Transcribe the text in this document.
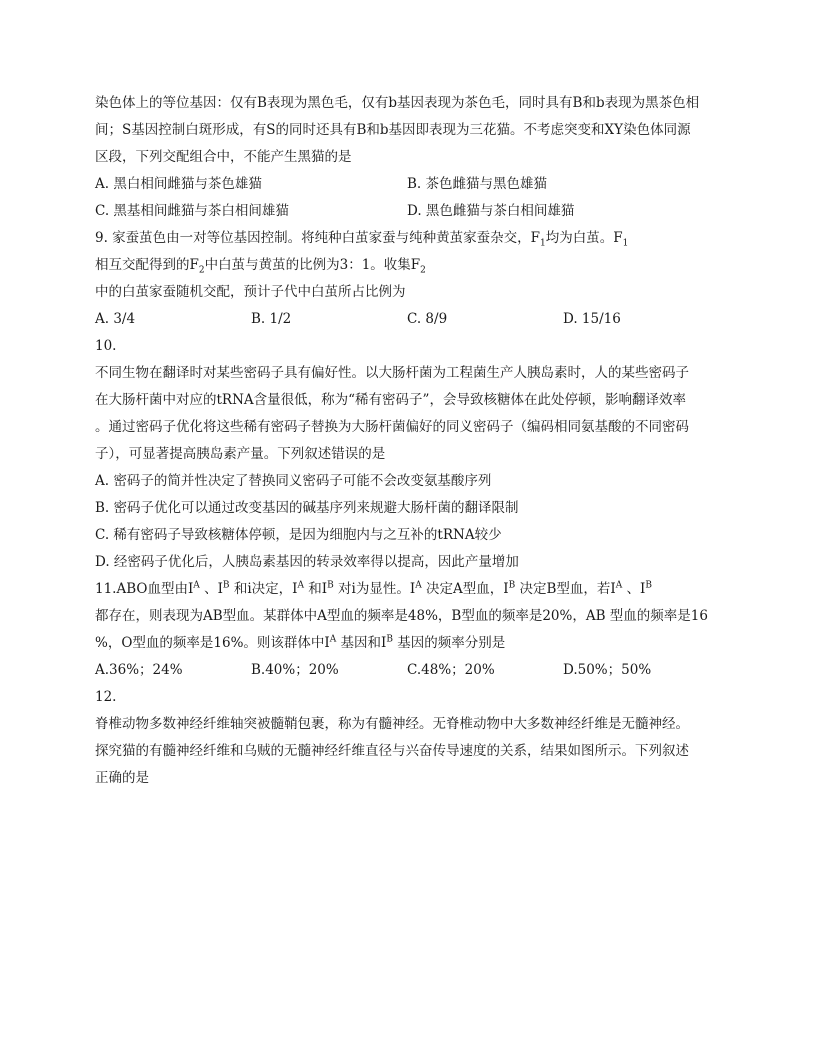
染色体上的等位基因：仅有B表现为黑色毛，仅有b基因表现为茶色毛，同时具有B和b表现为黑茶色相
间；S基因控制白斑形成，有S的同时还具有B和b基因即表现为三花猫。不考虑突变和XY染色体同源
区段，下列交配组合中，不能产生黑猫的是
A. 黑白相间雌猫与茶色雄猫	B. 茶色雌猫与黑色雄猫
C. 黑基相间雌猫与茶白相间雄猫	D. 黑色雌猫与茶白相间雄猫
9. 家蚕茧色由一对等位基因控制。将纯种白茧家蚕与纯种黄茧家蚕杂交，$F_1$均为白茧。$F_1$
相互交配得到的$F_2$中白茧与黄茧的比例为3：1。收集$F_2$
中的白茧家蚕随机交配，预计子代中白茧所占比例为
A. 3/4	B. 1/2	C. 8/9	D. 15/16
10.
不同生物在翻译时对某些密码子具有偏好性。以大肠杆菌为工程菌生产人胰岛素时，人的某些密码子
在大肠杆菌中对应的tRNA含量很低，称为“稀有密码子”，会导致核糖体在此处停顿，影响翻译效率
。通过密码子优化将这些稀有密码子替换为大肠杆菌偏好的同义密码子（编码相同氨基酸的不同密码
子），可显著提高胰岛素产量。下列叙述错误的是
A. 密码子的简并性决定了替换同义密码子可能不会改变氨基酸序列
B. 密码子优化可以通过改变基因的碱基序列来规避大肠杆菌的翻译限制
C. 稀有密码子导致核糖体停顿，是因为细胞内与之互补的tRNA较少
D. 经密码子优化后，人胰岛素基因的转录效率得以提高，因此产量增加
11.ABO血型由$I^A$ 、$I^B$ 和i决定，$I^A$ 和$I^B$ 对i为显性。$I^A$ 决定A型血，$I^B$ 决定B型血，若$I^A$ 、$I^B$
都存在，则表现为AB型血。某群体中A型血的频率是48%，B型血的频率是20%，AB 型血的频率是16
%，O型血的频率是16%。则该群体中$I^A$ 基因和$I^B$ 基因的频率分别是
A.36%；24%	B.40%；20%	C.48%；20%	D.50%；50%
12.
脊椎动物多数神经纤维轴突被髓鞘包裹，称为有髓神经。无脊椎动物中大多数神经纤维是无髓神经。
探究猫的有髓神经纤维和乌贼的无髓神经纤维直径与兴奋传导速度的关系，结果如图所示。下列叙述
正确的是
